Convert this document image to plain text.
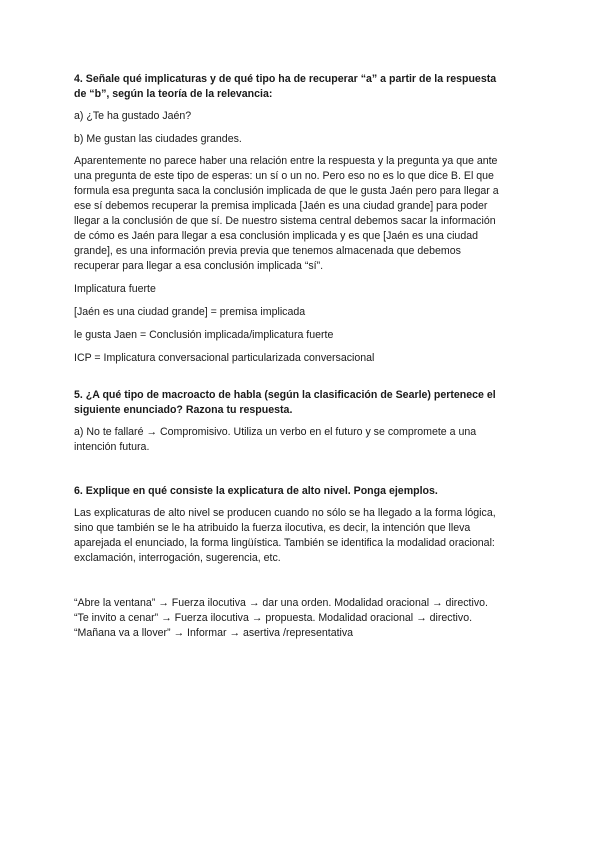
4. Señale qué implicaturas y de qué tipo ha de recuperar “a” a partir de la respuesta
de “b”, según la teoría de la relevancia:

a) ¿Te ha gustado Jaén?

b) Me gustan las ciudades grandes.

Aparentemente no parece haber una relación entre la respuesta y la pregunta ya que ante
una pregunta de este tipo de esperas: un sí o un no. Pero eso no es lo que dice B. El que
formula esa pregunta saca la conclusión implicada de que le gusta Jaén pero para llegar a
ese sí debemos recuperar la premisa implicada [Jaén es una ciudad grande] para poder
llegar a la conclusión de que sí. De nuestro sistema central debemos sacar la información
de cómo es Jaén para llegar a esa conclusión implicada y es que [Jaén es una ciudad
grande], es una información previa previa que tenemos almacenada que debemos
recuperar para llegar a esa conclusión implicada “sí”.

Implicatura fuerte

[Jaén es una ciudad grande] = premisa implicada

le gusta Jaen = Conclusión implicada/implicatura fuerte

ICP = Implicatura conversacional particularizada conversacional

5. ¿A qué tipo de macroacto de habla (según la clasificación de Searle) pertenece el
siguiente enunciado? Razona tu respuesta.

a) No te fallaré → Compromisivo. Utiliza un verbo en el futuro y se compromete a una
intención futura.

6. Explique en qué consiste la explicatura de alto nivel. Ponga ejemplos.

Las explicaturas de alto nivel se producen cuando no sólo se ha llegado a la forma lógica,
sino que también se le ha atribuido la fuerza ilocutiva, es decir, la intención que lleva
aparejada el enunciado, la forma lingüística. También se identifica la modalidad oracional:
exclamación, interrogación, sugerencia, etc.

“Abre la ventana” → Fuerza ilocutiva → dar una orden. Modalidad oracional → directivo.
“Te invito a cenar” → Fuerza ilocutiva → propuesta. Modalidad oracional → directivo.
“Mañana va a llover” → Informar → asertiva /representativa
